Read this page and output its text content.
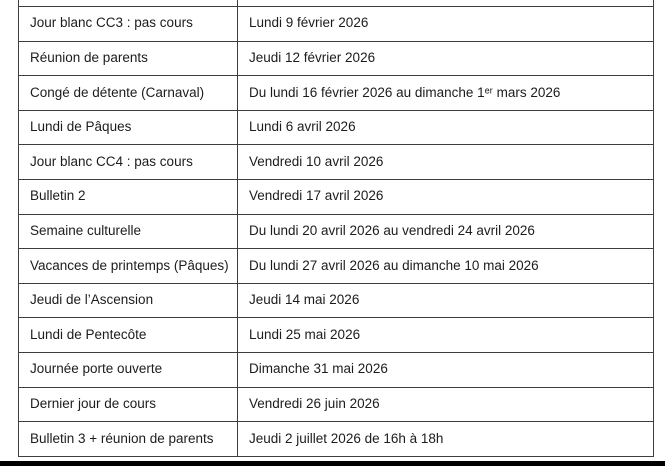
Jour blanc CC3 : pas cours	Lundi 9 février 2026
Réunion de parents	Jeudi 12 février 2026
Congé de détente (Carnaval)	Du lundi 16 février 2026 au dimanche 1ᵉʳ mars 2026
Lundi de Pâques	Lundi 6 avril 2026
Jour blanc CC4 : pas cours	Vendredi 10 avril 2026
Bulletin 2	Vendredi 17 avril 2026
Semaine culturelle	Du lundi 20 avril 2026 au vendredi 24 avril 2026
Vacances de printemps (Pâques)	Du lundi 27 avril 2026 au dimanche 10 mai 2026
Jeudi de l’Ascension	Jeudi 14 mai 2026
Lundi de Pentecôte	Lundi 25 mai 2026
Journée porte ouverte	Dimanche 31 mai 2026
Dernier jour de cours	Vendredi 26 juin 2026
Bulletin 3 + réunion de parents	Jeudi 2 juillet 2026 de 16h à 18h
